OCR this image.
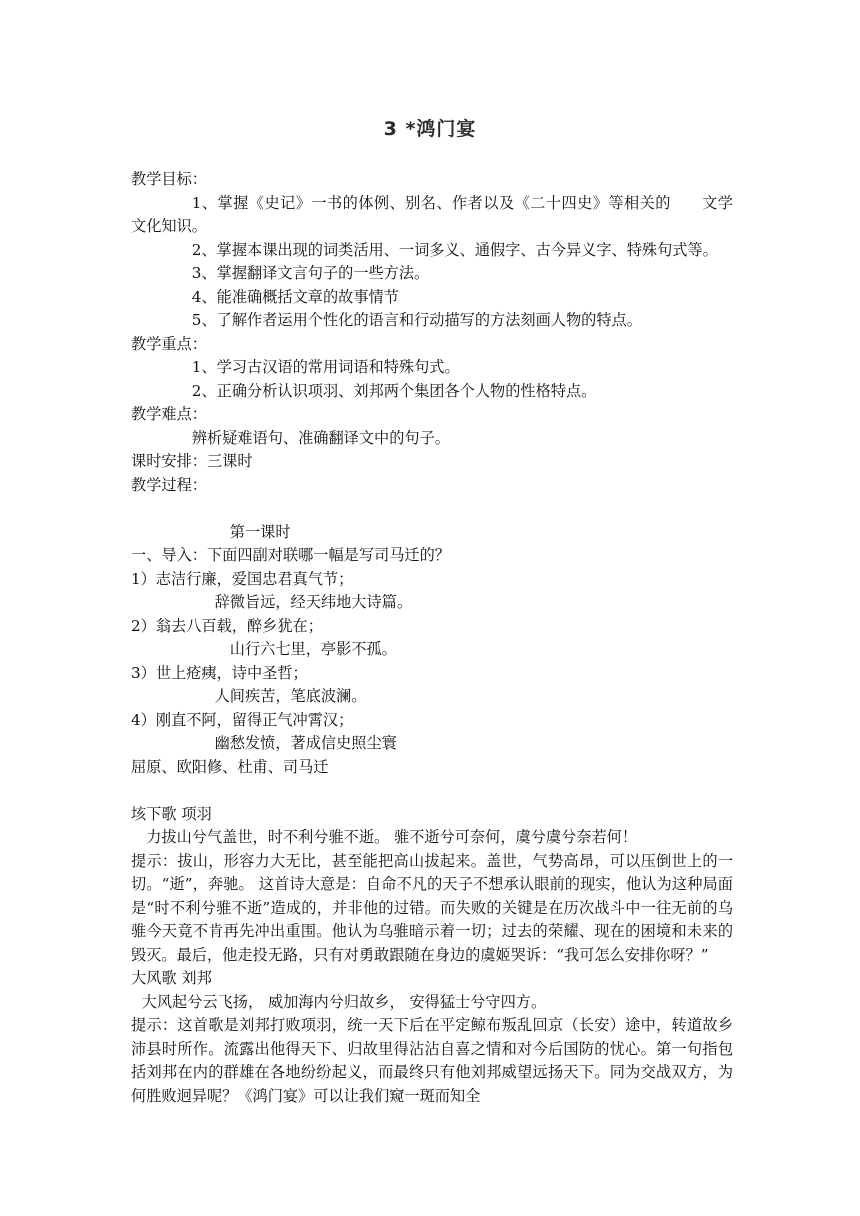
3 *鸿门宴

教学目标：

1、掌握《史记》一书的体例、别名、作者以及《二十四史》等相关的　　文学文化知识。

2、掌握本课出现的词类活用、一词多义、通假字、古今异义字、特殊句式等。

3、掌握翻译文言句子的一些方法。

4、能准确概括文章的故事情节

5、了解作者运用个性化的语言和行动描写的方法刻画人物的特点。

教学重点：

1、学习古汉语的常用词语和特殊句式。

2、正确分析认识项羽、刘邦两个集团各个人物的性格特点。

教学难点：

辨析疑难语句、准确翻译文中的句子。

课时安排：三课时

教学过程：

第一课时

一、导入：下面四副对联哪一幅是写司马迁的？

1）志洁行廉，爱国忠君真气节；

辞微旨远，经天纬地大诗篇。

2）翁去八百载，醉乡犹在；

山行六七里，亭影不孤。

3）世上疮痍，诗中圣哲；

人间疾苦，笔底波澜。

4）刚直不阿，留得正气冲霄汉；

幽愁发愤，著成信史照尘寰

屈原、欧阳修、杜甫、司马迁

垓下歌 项羽

力拔山兮气盖世，时不利兮骓不逝。 骓不逝兮可奈何，虞兮虞兮奈若何！

提示：拔山，形容力大无比，甚至能把高山拔起来。盖世，气势高昂，可以压倒世上的一切。“逝”，奔驰。 这首诗大意是：自命不凡的天子不想承认眼前的现实，他认为这种局面是“时不利兮骓不逝”造成的，并非他的过错。而失败的关键是在历次战斗中一往无前的乌骓今天竟不肯再先冲出重围。他认为乌骓暗示着一切；过去的荣耀、现在的困境和未来的毁灭。最后，他走投无路，只有对勇敢跟随在身边的虞姬哭诉：“我可怎么安排你呀？”

大风歌 刘邦

大风起兮云飞扬， 威加海内兮归故乡， 安得猛士兮守四方。

提示：这首歌是刘邦打败项羽，统一天下后在平定鲸布叛乱回京（长安）途中，转道故乡沛县时所作。流露出他得天下、归故里得沾沾自喜之情和对今后国防的忧心。第一句指包括刘邦在内的群雄在各地纷纷起义，而最终只有他刘邦威望远扬天下。同为交战双方，为何胜败迥异呢？《鸿门宴》可以让我们窥一斑而知全
